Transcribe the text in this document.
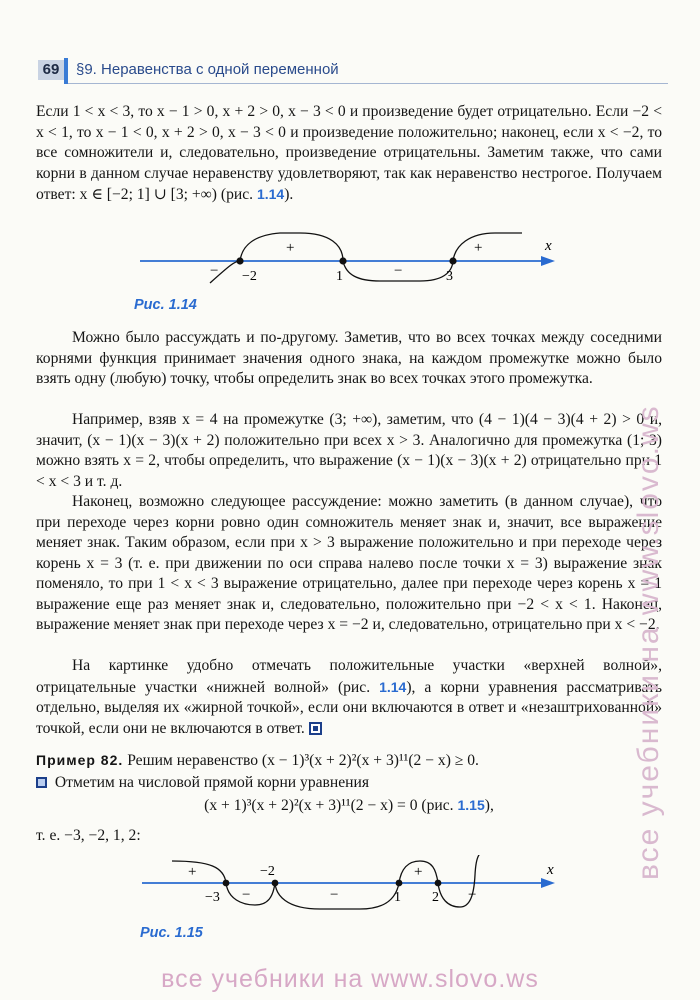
69	§9. Неравенства с одной переменной

Если 1 < x < 3, то x − 1 > 0, x + 2 > 0, x − 3 < 0 и произведение будет отрицательно. Если −2 < x < 1, то x − 1 < 0, x + 2 > 0, x − 3 < 0 и произведение положительно; наконец, если x < −2, то все сомножители и, следовательно, произведение отрицательны. Заметим также, что сами корни в данном случае неравенству удовлетворяют, так как неравенство нестрогое. Получаем ответ: x ∈ [−2; 1] ∪ [3; +∞) (рис. 1.14).

x
−2	1	3
−
+
−
+
Рис. 1.14

Можно было рассуждать и по-другому. Заметив, что во всех точках между соседними корнями функция принимает значения одного знака, на каждом промежутке можно было взять одну (любую) точку, чтобы определить знак во всех точках этого промежутка.

Например, взяв x = 4 на промежутке (3; +∞), заметим, что (4 − 1)(4 − 3)(4 + 2) > 0 и, значит, (x − 1)(x − 3)(x + 2) положительно при всех x > 3. Аналогично для промежутка (1; 3) можно взять x = 2, чтобы определить, что выражение (x − 1)(x − 3)(x + 2) отрицательно при 1 < x < 3 и т. д.

Наконец, возможно следующее рассуждение: можно заметить (в данном случае), что при переходе через корни ровно один сомножитель меняет знак и, значит, все выражение меняет знак. Таким образом, если при x > 3 выражение положительно и при переходе через корень x = 3 (т. е. при движении по оси справа налево после точки x = 3) выражение знак поменяло, то при 1 < x < 3 выражение отрицательно, далее при переходе через корень x = 1 выражение еще раз меняет знак и, следовательно, положительно при −2 < x < 1. Наконец, выражение меняет знак при переходе через x = −2 и, следовательно, отрицательно при x < −2.

На картинке удобно отмечать положительные участки «верхней волной», отрицательные участки «нижней волной» (рис. 1.14), а корни уравнения рассматривать отдельно, выделяя их «жирной точкой», если они включаются в ответ и «незаштрихованной» точкой, если они не включаются в ответ.

Пример 82. Решим неравенство (x − 1)³(x + 2)²(x + 3)¹¹(2 − x) ≥ 0.

Отметим на числовой прямой корни уравнения

(x + 1)³(x + 2)²(x + 3)¹¹(2 − x) = 0 (рис. 1.15),

т. е. −3, −2, 1, 2:

x
−3
−2
1 2
+
−	−
+
−
Рис. 1.15
все учебники на www.slovo.ws
все учебники на www.slovo.ws
